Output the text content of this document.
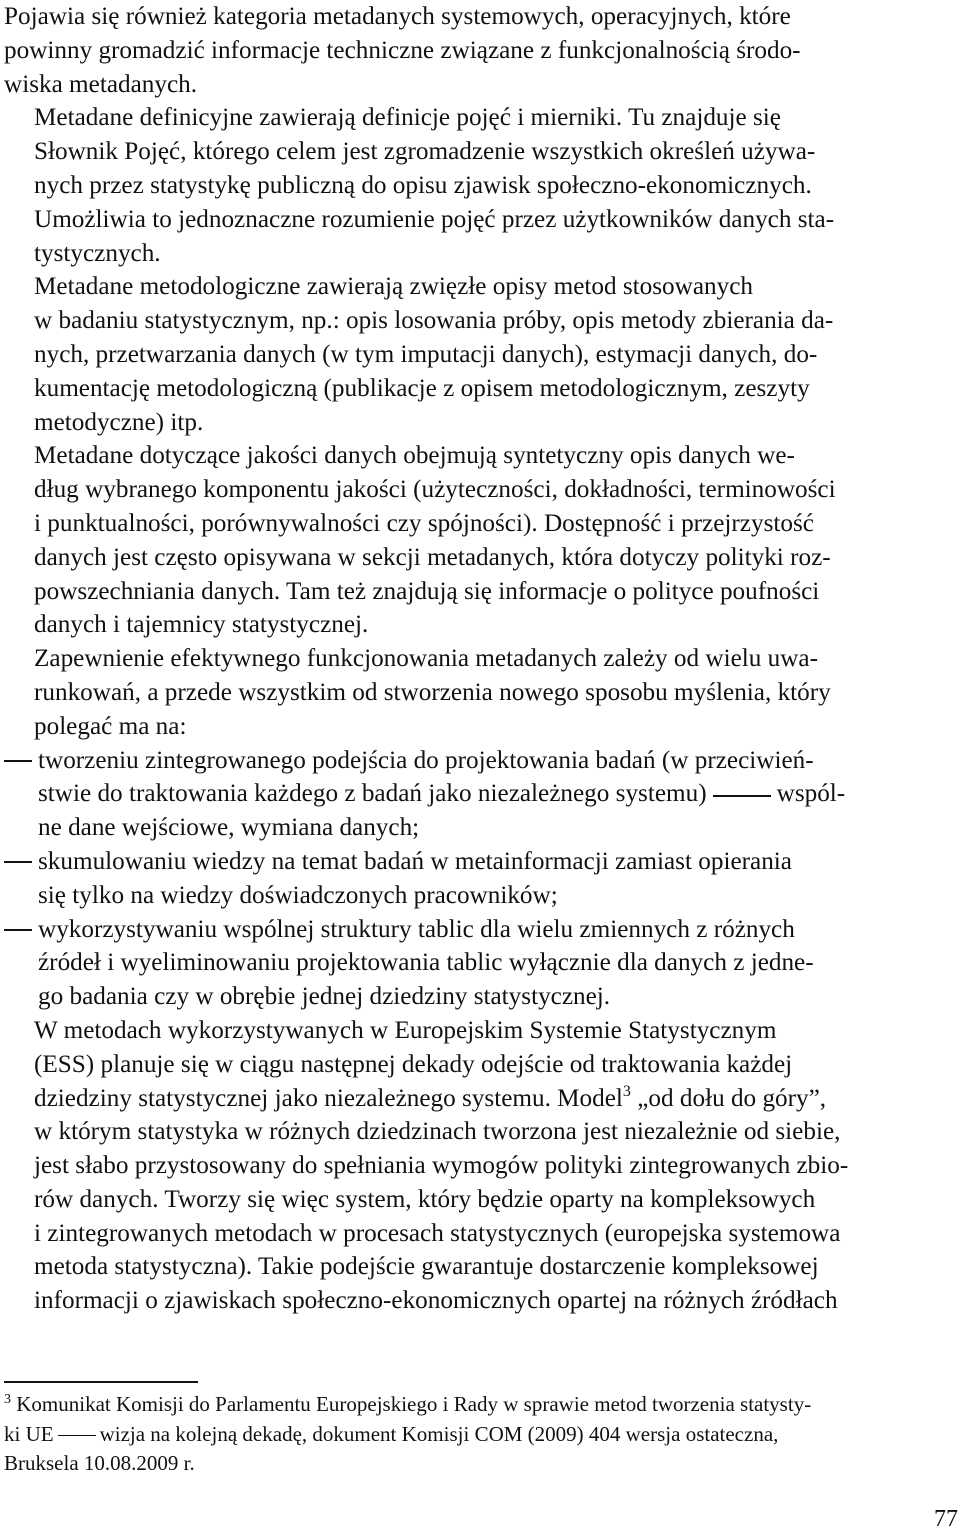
Pojawia się również kategoria metadanych systemowych, operacyjnych, które
powinny gromadzić informacje techniczne związane z funkcjonalnością środo-
wiska metadanych.

Metadane definicyjne zawierają definicje pojęć i mierniki. Tu znajduje się
Słownik Pojęć, którego celem jest zgromadzenie wszystkich określeń używa-
nych przez statystykę publiczną do opisu zjawisk społeczno-ekonomicznych.
Umożliwia to jednoznaczne rozumienie pojęć przez użytkowników danych sta-
tystycznych.

Metadane metodologiczne zawierają zwięzłe opisy metod stosowanych
w badaniu statystycznym, np.: opis losowania próby, opis metody zbierania da-
nych, przetwarzania danych (w tym imputacji danych), estymacji danych, do-
kumentację metodologiczną (publikacje z opisem metodologicznym, zeszyty
metodyczne) itp.

Metadane dotyczące jakości danych obejmują syntetyczny opis danych we-
dług wybranego komponentu jakości (użyteczności, dokładności, terminowości
i punktualności, porównywalności czy spójności). Dostępność i przejrzystość
danych jest często opisywana w sekcji metadanych, która dotyczy polityki roz-
powszechniania danych. Tam też znajdują się informacje o polityce poufności
danych i tajemnicy statystycznej.

Zapewnienie efektywnego funkcjonowania metadanych zależy od wielu uwa-
runkowań, a przede wszystkim od stworzenia nowego sposobu myślenia, który
polegać ma na:

tworzeniu zintegrowanego podejścia do projektowania badań (w przeciwień-
stwie do traktowania każdego z badań jako niezależnego systemu)	wspól-
ne dane wejściowe, wymiana danych;
skumulowaniu wiedzy na temat badań w metainformacji zamiast opierania
się tylko na wiedzy doświadczonych pracowników;
wykorzystywaniu wspólnej struktury tablic dla wielu zmiennych z różnych
źródeł i wyeliminowaniu projektowania tablic wyłącznie dla danych z jedne-
go badania czy w obrębie jednej dziedziny statystycznej.

W metodach wykorzystywanych w Europejskim Systemie Statystycznym
(ESS) planuje się w ciągu następnej dekady odejście od traktowania każdej
dziedziny statystycznej jako niezależnego systemu. Model$^3$ „od dołu do góry”,
w którym statystyka w różnych dziedzinach tworzona jest niezależnie od siebie,
jest słabo przystosowany do spełniania wymogów polityki zintegrowanych zbio-
rów danych. Tworzy się więc system, który będzie oparty na kompleksowych
i zintegrowanych metodach w procesach statystycznych (europejska systemowa
metoda statystyczna). Takie podejście gwarantuje dostarczenie kompleksowej
informacji o zjawiskach społeczno-ekonomicznych opartej na różnych źródłach

$^3$ Komunikat Komisji do Parlamentu Europejskiego i Rady w sprawie metod tworzenia statysty-
ki UE wizja na kolejną dekadę, dokument Komisji COM (2009) 404 wersja ostateczna,
Bruksela 10.08.2009 r.
77
